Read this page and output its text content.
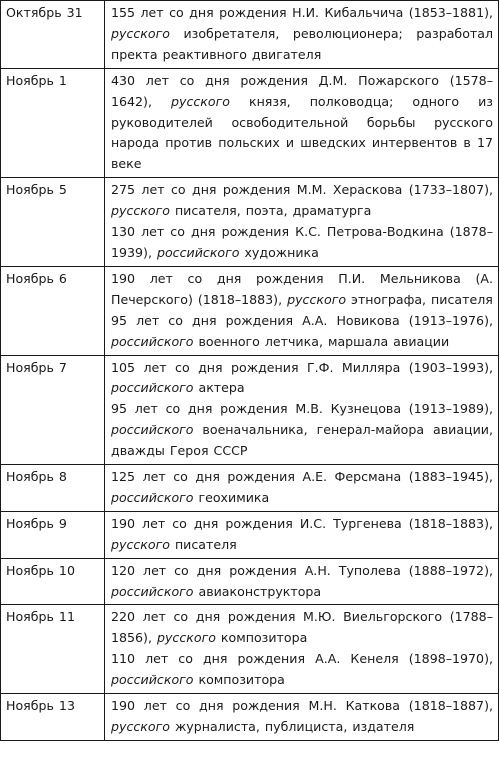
Октябрь 31	155 лет со дня рождения Н.И. Кибальчича (1853–1881), русского изобретателя, революционера; разработал пректа реактивного двигателя

Ноябрь 1	430 лет со дня рождения Д.М. Пожарского (1578–1642), русского князя, полководца; одного из руководителей освободительной борьбы русского народа против польских и шведских интервентов в 17 веке

Ноябрь 5	275 лет со дня рождения М.М. Хераскова (1733–1807), русского писателя, поэта, драматурга
130 лет со дня рождения К.С. Петрова-Водкина (1878–1939), российского художника

Ноябрь 6	190 лет со дня рождения П.И. Мельникова (А. Печерского) (1818–1883), русского этнографа, писателя
95 лет со дня рождения А.А. Новикова (1913–1976), российского военного летчика, маршала авиации

Ноябрь 7	105 лет со дня рождения Г.Ф. Милляра (1903–1993), российского актера
95 лет со дня рождения М.В. Кузнецова (1913–1989), российского военачальника, генерал-майора авиации, дважды Героя СССР

Ноябрь 8	125 лет со дня рождения А.Е. Ферсмана (1883–1945), российского геохимика

Ноябрь 9	190 лет со дня рождения И.С. Тургенева (1818–1883), русского писателя

Ноябрь 10	120 лет со дня рождения А.Н. Туполева (1888–1972), российского авиаконструктора

Ноябрь 11	220 лет со дня рождения М.Ю. Виельгорского (1788–1856), русского композитора
110 лет со дня рождения А.А. Кенеля (1898–1970), российского композитора

Ноябрь 13	190 лет со дня рождения М.Н. Каткова (1818–1887), русского журналиста, публициста, издателя
